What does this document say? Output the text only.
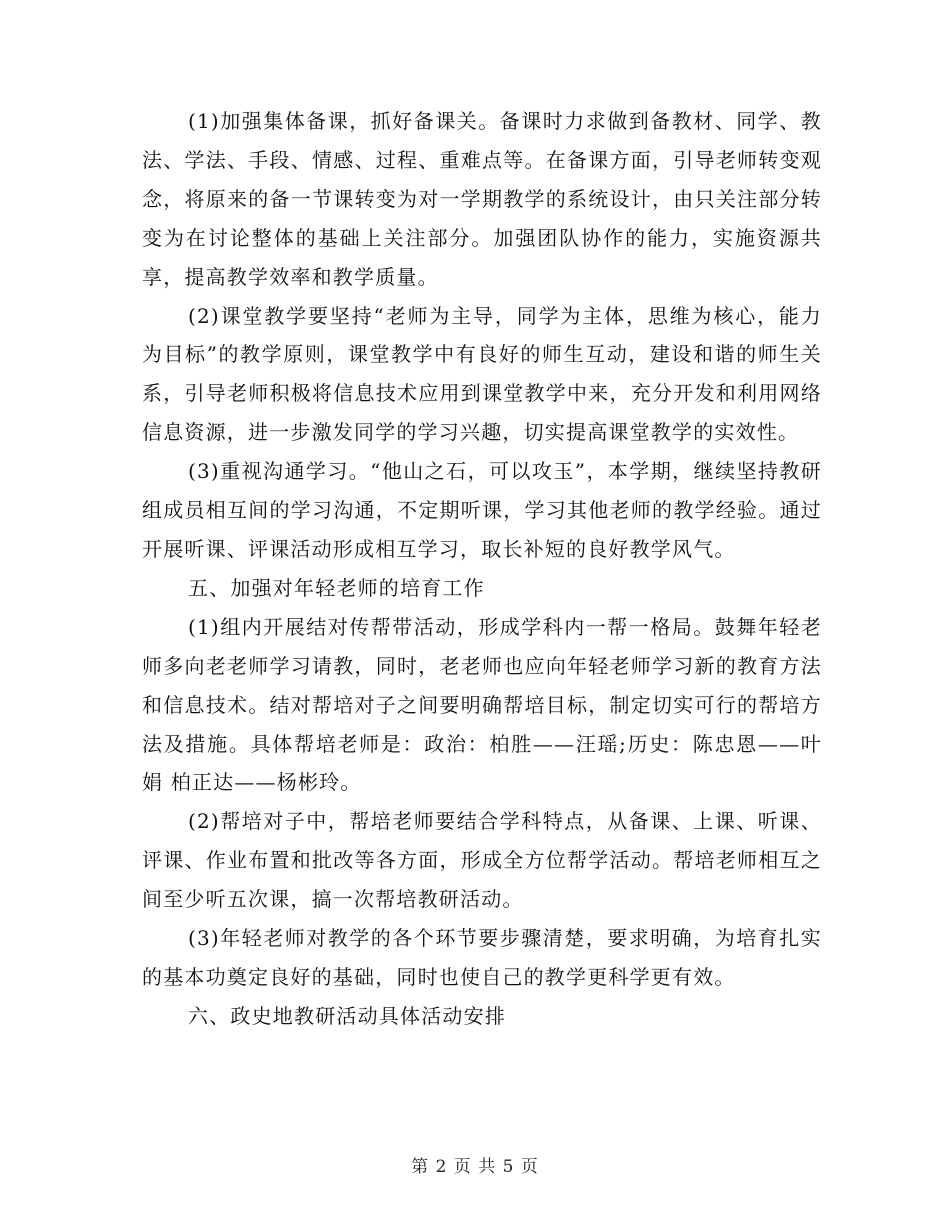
(1)加强集体备课，抓好备课关。备课时力求做到备教材、同学、教法、学法、手段、情感、过程、重难点等。在备课方面，引导老师转变观念，将原来的备一节课转变为对一学期教学的系统设计，由只关注部分转变为在讨论整体的基础上关注部分。加强团队协作的能力，实施资源共享，提高教学效率和教学质量。

(2)课堂教学要坚持“老师为主导，同学为主体，思维为核心，能力为目标”的教学原则，课堂教学中有良好的师生互动，建设和谐的师生关系，引导老师积极将信息技术应用到课堂教学中来，充分开发和利用网络信息资源，进一步激发同学的学习兴趣，切实提高课堂教学的实效性。

(3)重视沟通学习。“他山之石，可以攻玉”，本学期，继续坚持教研组成员相互间的学习沟通，不定期听课，学习其他老师的教学经验。通过开展听课、评课活动形成相互学习，取长补短的良好教学风气。

五、加强对年轻老师的培育工作

(1)组内开展结对传帮带活动，形成学科内一帮一格局。鼓舞年轻老师多向老老师学习请教，同时，老老师也应向年轻老师学习新的教育方法和信息技术。结对帮培对子之间要明确帮培目标，制定切实可行的帮培方法及措施。具体帮培老师是：政治：柏胜——汪瑶;历史：陈忠恩——叶娟 柏正达——杨彬玲。

(2)帮培对子中，帮培老师要结合学科特点，从备课、上课、听课、评课、作业布置和批改等各方面，形成全方位帮学活动。帮培老师相互之间至少听五次课，搞一次帮培教研活动。

(3)年轻老师对教学的各个环节要步骤清楚，要求明确，为培育扎实的基本功奠定良好的基础，同时也使自己的教学更科学更有效。

六、政史地教研活动具体活动安排

第 2 页 共 5 页
